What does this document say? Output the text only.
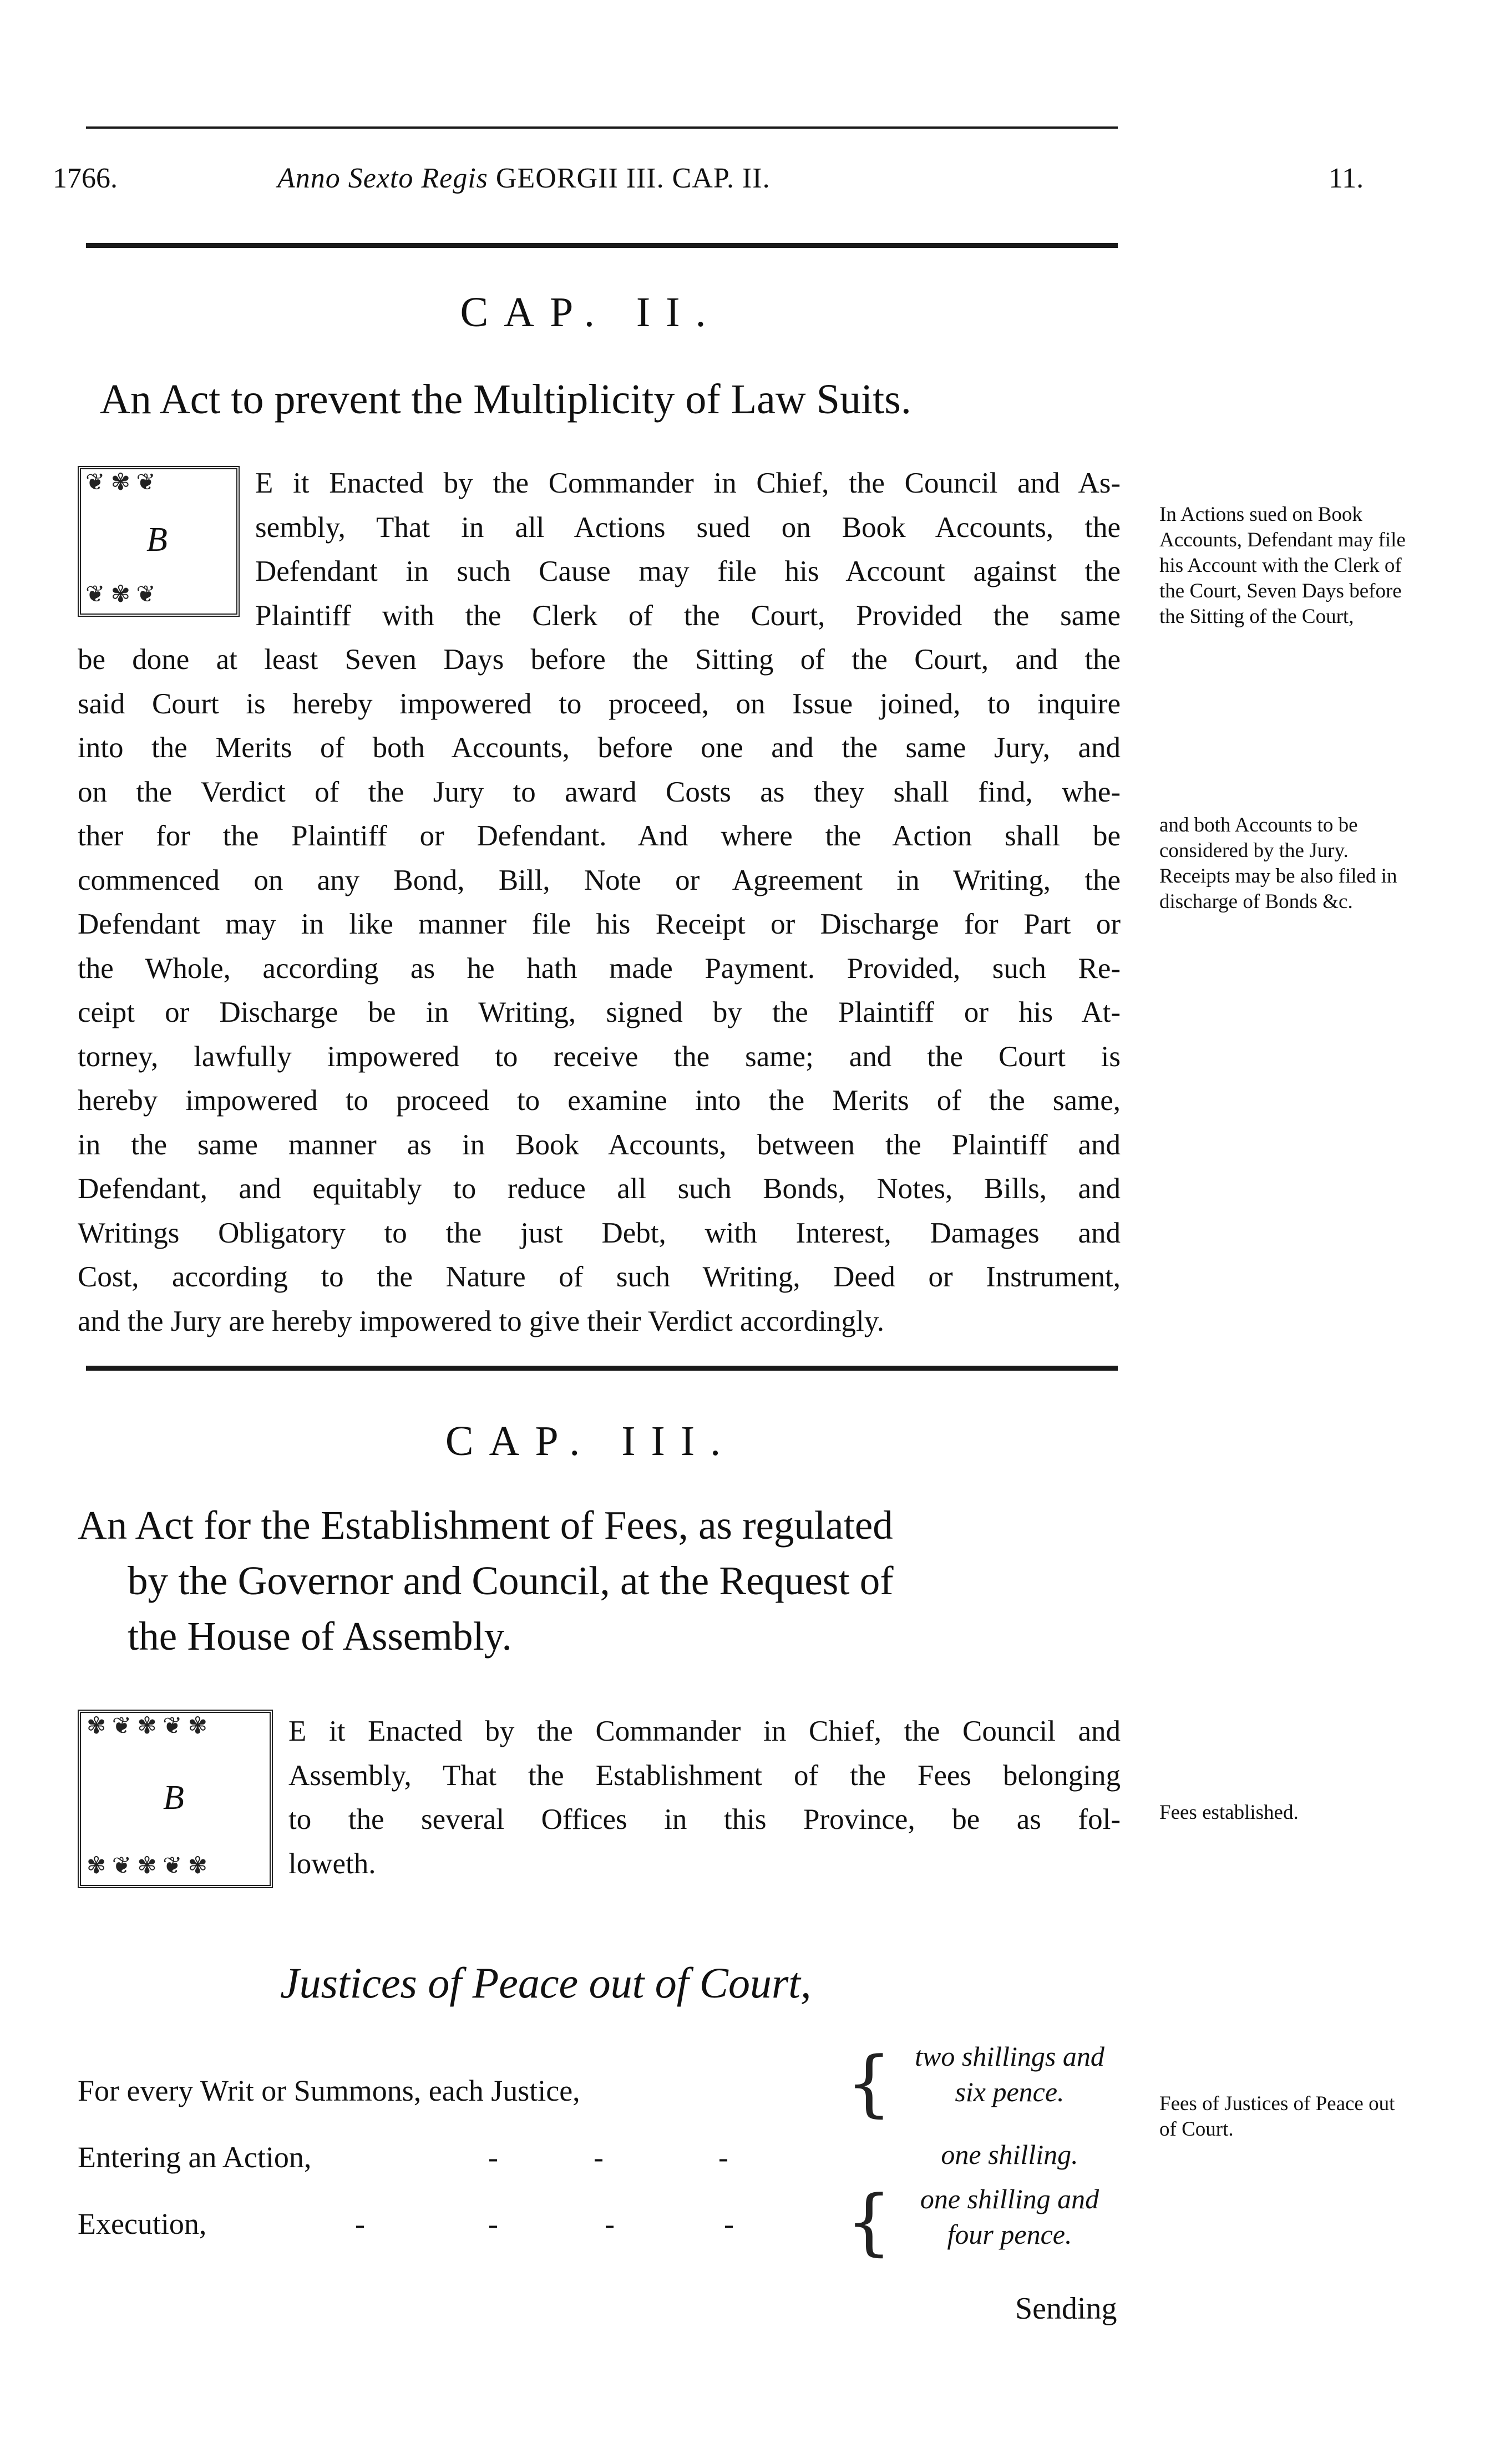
1766.	Anno Sexto Regis GEORGII III. CAP. II.	11.
CAP. II.
An Act to prevent the Multiplicity of Law Suits.
❦ ✾ ❦
❦ ✾ ❦
B
E it Enacted by the Commander in Chief, the Council and As-
sembly, That in all Actions sued on Book Accounts, the
Defendant in such Cause may file his Account against the
Plaintiff with the Clerk of the Court, Provided the same
be done at least Seven Days before the Sitting of the Court, and the
said Court is hereby impowered to proceed, on Issue joined, to inquire
into the Merits of both Accounts, before one and the same Jury, and
on the Verdict of the Jury to award Costs as they shall find, whe-
ther for the Plaintiff or Defendant. And where the Action shall be
commenced on any Bond, Bill, Note or Agreement in Writing, the
Defendant may in like manner file his Receipt or Discharge for Part or
the Whole, according as he hath made Payment. Provided, such Re-
ceipt or Discharge be in Writing, signed by the Plaintiff or his At-
torney, lawfully impowered to receive the same; and the Court is
hereby impowered to proceed to examine into the Merits of the same,
in the same manner as in Book Accounts, between the Plaintiff and
Defendant, and equitably to reduce all such Bonds, Notes, Bills, and
Writings Obligatory to the just Debt, with Interest, Damages and
Cost, according to the Nature of such Writing, Deed or Instrument,
and the Jury are hereby impowered to give their Verdict accordingly.
In Actions sued on Book Accounts, Defendant may file his Account with the Clerk of the Court, Seven Days before the Sitting of the Court,
and both Accounts to be considered by the Jury. Receipts may be also filed in discharge of Bonds &c.
CAP. III.
An Act for the Establishment of Fees, as regulated
by the Governor and Council, at the Request of
the House of Assembly.
✾ ❦ ✾ ❦ ✾
✾ ❦ ✾ ❦ ✾
B
E it Enacted by the Commander in Chief, the Council and
Assembly, That the Establishment of the Fees belonging
to the several Offices in this Province, be as fol-
loweth.
Fees established.
Justices of Peace out of Court,
For every Writ or Summons, each Justice,	{ two shillings and
six pence.
Entering an Action,	-	-	-	one shilling.
Execution,	-	-	-	- {	one shilling and
four pence.
Fees of Justices of Peace out of Court.
Sending
